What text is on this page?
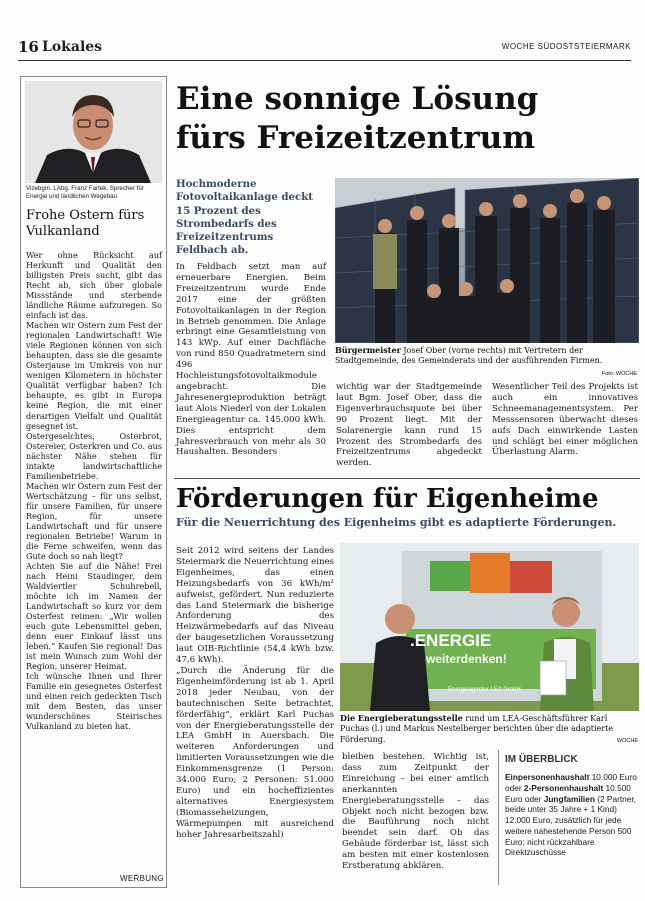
16 Lokales	WOCHE SÜDOSTSTEIERMARK
Vizebgm. LAbg. Franz Fartek, Sprecher für Energie und ländlichen Wegebau
Frohe Ostern fürs Vulkanland

Wer ohne Rücksicht auf Herkunft und Qualität den billigsten Preis sucht, gibt das Recht ab, sich über globale Missstände und sterbende ländliche Räume aufzuregen. So einfach ist das.

Machen wir Ostern zum Fest der regionalen Landwirtschaft! Wie viele Regionen können von sich behaupten, dass sie die gesamte Osterjause im Umkreis von nur wenigen Kilometern in höchster Qualität verfügbar haben? Ich behaupte, es gibt in Europa keine Region, die mit einer derartigen Vielfalt und Qualität gesegnet ist.

Ostergeselchtes, Osterbrot, Ostereier, Osterkren und Co. aus nächster Nähe stehen für intakte landwirtschaftliche Familienbetriebe.

Machen wir Ostern zum Fest der Wertschätzung – für uns selbst, für unsere Familien, für unsere Region, für unsere Landwirtschaft und für unsere regionalen Betriebe! Warum in die Ferne schweifen, wenn das Gute doch so nah liegt?

Achten Sie auf die Nähe! Frei nach Heini Staudinger, dem Waldviertler Schuhrebell, möchte ich im Namen der Landwirtschaft so kurz vor dem Osterfest reimen: „Wir wollen euch gute Lebensmittel geben, denn euer Einkauf lässt uns leben.“ Kaufen Sie regional! Das ist mein Wunsch zum Wohl der Region, unserer Heimat.

Ich wünsche Ihnen und Ihrer Familie ein gesegnetes Osterfest und einen reich gedeckten Tisch mit dem Besten, das unser wunderschönes Steirisches Vulkanland zu bieten hat.

WERBUNG
Eine sonnige Lösung fürs Freizeitzentrum
Hochmoderne Fotovoltaikanlage deckt 15 Prozent des Strombedarfs des Freizeitzentrums Feldbach ab.
Bürgermeister Josef Ober (vorne rechts) mit Vertretern der Stadtgemeinde, des Gemeinderats und der ausführenden Firmen.
Foto: WOCHE
In Feldbach setzt man auf erneuerbare Energien. Beim Freizeitzentrum wurde Ende 2017 eine der größten Fotovoltaikanlagen in der Region in Betrieb genommen. Die Anlage erbringt eine Gesamtleistung von 143 kWp. Auf einer Dachfläche von rund 850 Quadratmetern sind 496 Hochleistungsfotovoltaikmodule angebracht. Die Jahresenergieproduktion beträgt laut Alois Niederl von der Lokalen Energieagentur ca. 145.000 kWh. Dies entspricht dem Jahresverbrauch von mehr als 30 Haushalten. Besonders
wichtig war der Stadtgemeinde laut Bgm. Josef Ober, dass die Eigenverbrauchsquote bei über 90 Prozent liegt. Mit der Solarenergie kann rund 15 Prozent des Strombedarfs des Freizeitzentrums abgedeckt werden.
Wesentlicher Teil des Projekts ist auch ein innovatives Schneemanagementsystem. Per Messsensoren überwacht dieses aufs Dach einwirkende Lasten und schlägt bei einer möglichen Überlastung Alarm.
Förderungen für Eigenheime
Für die Neuerrichtung des Eigenheims gibt es adaptierte Förderungen.

Seit 2012 wird seitens der Landes Steiermark die Neuerrichtung eines Eigenheimes, das einen Heizungsbedarfs von 36 kWh/m² aufweist, gefördert. Nun reduzierte das Land Steiermark die bisherige Anforderung des Heizwärmebedarfs auf das Niveau der baugesetzlichen Voraussetzung laut OIB-Richtlinie (54,4 kWh bzw. 47,6 kWh).

„Durch die Änderung für die Eigenheimförderung ist ab 1. April 2018 jeder Neubau, von der bautechnischen Seite betrachtet, förderfähig“, erklärt Karl Puchas von der Energieberatungsstelle der LEA GmbH in Auersbach. Die weiteren Anforderungen und limitierten Voraussetzungen wie die Einkommensgrenze (1 Person: 34.000 Euro; 2 Personen: 51.000 Euro) und ein hocheffizientes alternatives Energiesystem (Biomasseheizungen, Wärmepumpen mit ausreichend hoher Jahresarbeitszahl)

.ENERGIE
weiterdenken!
Energieagentur LEA GmbH
Die Energieberatungsstelle rund um LEA-Geschäftsführer Karl Puchas (l.) und Markus Nestelberger berichten über die adaptierte Förderung.	WOCHE
bleiben bestehen. Wichtig ist, dass zum Zeitpunkt der Einreichung – bei einer amtlich anerkannten Energieberatungsstelle – das Objekt noch nicht bezogen bzw. die Bauführung noch nicht beendet sein darf. Ob das Gebäude förderbar ist, lässt sich am besten mit einer kostenlosen Erstberatung abklären.
IM ÜBERBLICK
Einpersonenhaushalt 10.000 Euro oder 2-Personenhaushalt 10.500 Euro oder Jungfamilien (2 Partner, beide unter 35 Jahre + 1 Kind) 12.000 Euro, zusätzlich für jede weitere nahestehende Person 500 Euro; nicht rückzahlbare Direktzuschüsse
